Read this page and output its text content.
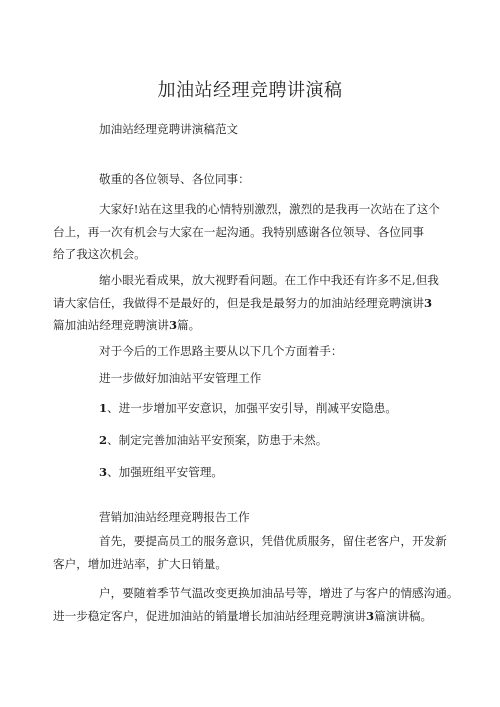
加油站经理竞聘讲演稿
加油站经理竞聘讲演稿范文
敬重的各位领导、各位同事：
大家好!站在这里我的心情特别激烈，激烈的是我再一次站在了这个
台上，再一次有机会与大家在一起沟通。我特别感谢各位领导、各位同事
给了我这次机会。
缩小眼光看成果，放大视野看问题。在工作中我还有许多不足,但我
请大家信任，我做得不是最好的，但是我是最努力的加油站经理竞聘演讲3
篇加油站经理竞聘演讲3篇。
对于今后的工作思路主要从以下几个方面着手：
进一步做好加油站平安管理工作
1、进一步增加平安意识，加强平安引导，削减平安隐患。
2、制定完善加油站平安预案，防患于未然。
3、加强班组平安管理。
营销加油站经理竞聘报告工作
首先，要提高员工的服务意识，凭借优质服务，留住老客户，开发新
客户，增加进站率，扩大日销量。
户，要随着季节气温改变更换加油品号等，增进了与客户的情感沟通。
进一步稳定客户，促进加油站的销量增长加油站经理竞聘演讲3篇演讲稿。
